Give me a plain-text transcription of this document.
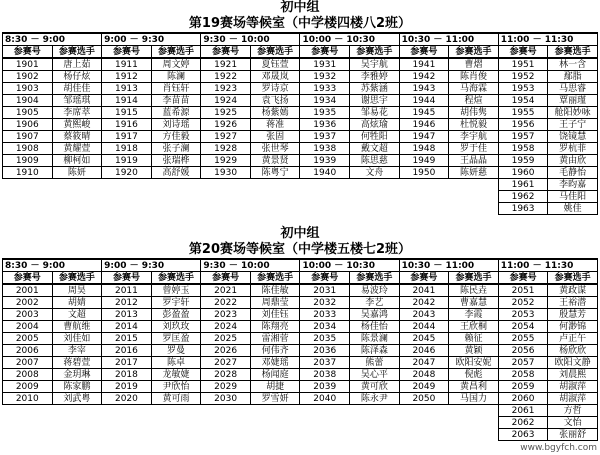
初中组
第19赛场等候室（中学楼四楼八2班）
8:30 － 9:00		9:00 － 9:30		9:30 － 10:00		10:00 － 10:30		10:30 － 11:00		11:00 － 11:30	
参赛号	参赛选手	参赛号	参赛选手	参赛号	参赛选手	参赛号	参赛选手	参赛号	参赛选手	参赛号	参赛选手
1901	唐上茹	1911	周文婷	1921	夏钰萱	1931	吴宇航	1941	曹熠	1951	林一含
1902	杨仔炫	1912	陈澜	1922	邓晟岚	1932	李雅婷	1942	陈肖俊	1952	鄢脂
1903	胡佳佳	1913	肖钰轩	1923	罗诗京	1933	苏紫涵	1943	马海霖	1953	马思睿
1904	邹瑶琪	1914	李苗苗	1924	袁飞扬	1934	谢思宇	1944	程煊	1954	覃丽瑾
1905	李席萃	1915	蓝希源	1925	杨紫嫣	1935	邹易花	1945	胡伟隽	1955	舱阳妙咏
1906	黄熙峻	1916	刘诗瑶	1926	蒋准	1936	高炫瑜	1946	杜悦毅	1956	王子宁
1907	蔡筱晴	1917	方佳毅	1927	张固	1937	何牲阳	1947	李宇航	1957	饶镜慧
1908	黄耀萱	1918	张子澜	1928	张世琴	1938	戴文超	1948	罗于佳	1958	罗杭菲
1909	柳柯如	1919	张瑞桦	1929	黄景贤	1939	陈思慈	1949	王晶晶	1959	黄由欣
1910	陈妍	1920	高舒媛	1930	陈粤宁	1940	文舟	1950	陈妍慈	1960	毛静怡
										1961	李昀嘉
										1962	马佳阳
										1963	姚佳
初中组
第20赛场等候室（中学楼五楼七2班）
8:30 － 9:00		9:00 － 9:30		9:30 － 10:00		10:00 － 10:30		10:30 － 11:00		11:00 － 11:30	
参赛号	参赛选手	参赛号	参赛选手	参赛号	参赛选手	参赛号	参赛选手	参赛号	参赛选手	参赛号	参赛选手
2001	周昊	2011	曾婷玉	2021	陈佳敏	2031	易波玲	2041	陈民垚	2051	黄政谋
2002	胡婧	2012	罗宇轩	2022	周鼎莹	2032	李艺	2042	曹嘉慧	2052	王裕潜
2003	文超	2013	彭盈盈	2023	刘佳钰	2033	吴嘉鸿	2043	李霞	2053	殷慧芳
2004	曹航维	2014	刘玖玫	2024	陈翔亮	2034	杨佳怡	2044	王欣桐	2054	何渺锦
2005	刘佳如	2015	罗匡盈	2025	雷湘菅	2035	陈景澜	2045	赖征	2055	卢正午
2006	李宰	2016	罗曼	2026	何伟齐	2036	陈泽森	2046	黄颖	2056	杨欣欣
2007	蒋碧萱	2017	陈卓	2027	邓婕瑶	2037	熊蕾	2047	欧阳安妮	2057	欧阳文静
2008	金玥琳	2018	龙敏婕	2028	杨闻庭	2038	吴心平	2048	倪彪	2058	刘晨熙
2009	陈家鹏	2019	尹欣怡	2029	胡捷	2039	黄可欣	2049	黄昌利	2059	胡淑萍
2010	刘武粤	2020	黄可雨	2030	罗雪妍	2040	陈永尹	2050	马国力	2060	胡淑萍
										2061	方哲
										2062	文怡
										2063	张丽舒
www.bgyfch.com
